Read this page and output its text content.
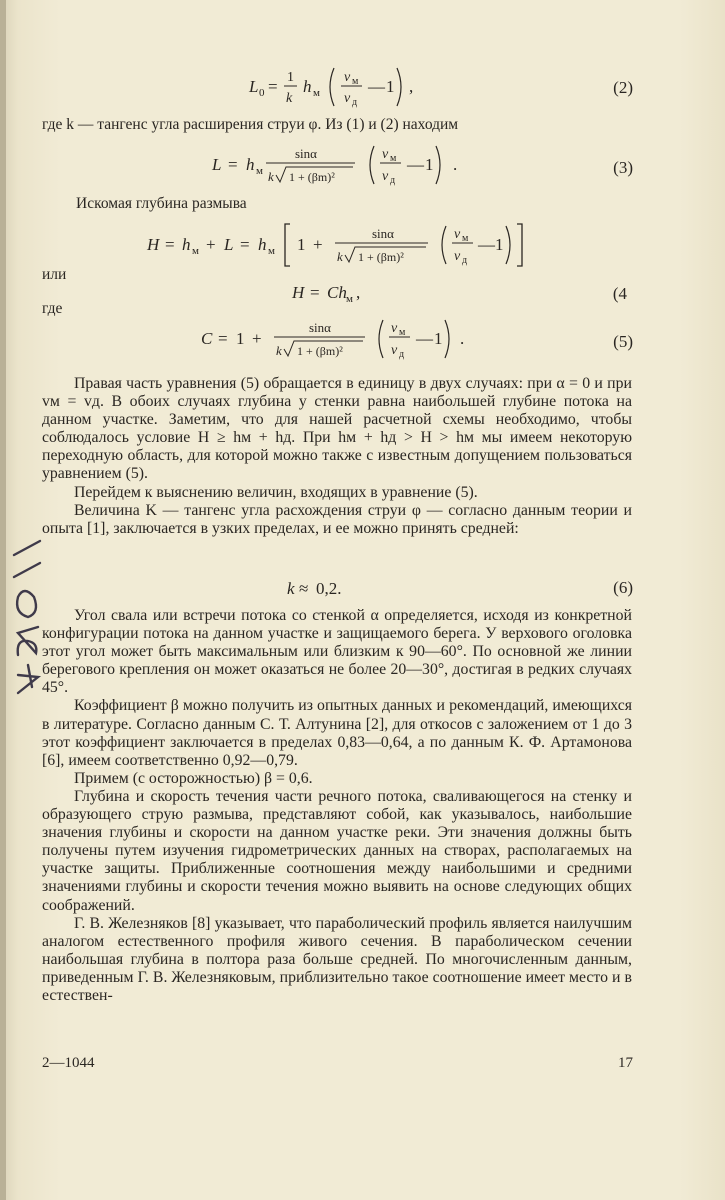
L 0 = 1
k
h м
v м
v д
— 1 ,	(2)
где k — тангенс угла расширения струи φ. Из (1) и (2) находим
L = h м
sinα
k 1 + (βm)²
v м
v д
— 1 .	(3)
Искомая глубина размыва
H = h м + L = h м 1 +
sinα
k 1 + (βm)²
v м
v д
— 1
или
H = Ch м ,	(4
где
C = 1 +
sinα
k 1 + (βm)²
v м
v д
— 1 .	(5)

Правая часть уравнения (5) обращается в единицу в двух случаях: при α = 0 и при vм = vд. В обоих случаях глубина у стенки равна наибольшей глубине потока на данном участке. Заметим, что для нашей расчетной схемы необходимо, чтобы соблюдалось условие H ≥ hм + hд. При hм + hд > H > hм мы имеем некоторую переходную область, для которой можно также с известным допущением пользоваться уравнением (5).

Перейдем к выяснению величин, входящих в уравнение (5).

Величина K — тангенс угла расхождения струи φ — согласно данным теории и опыта [1], заключается в узких пределах, и ее можно принять средней:

k ≈ 0,2.	(6)

Угол свала или встречи потока со стенкой α определяется, исходя из конкретной конфигурации потока на данном участке и защищаемого берега. У верхового оголовка этот угол может быть максимальным или близким к 90—60°. По основной же линии берегового крепления он может оказаться не более 20—30°, достигая в редких случаях 45°.

Коэффициент β можно получить из опытных данных и рекомендаций, имеющихся в литературе. Согласно данным С. Т. Алтунина [2], для откосов с заложением от 1 до 3 этот коэффициент заключается в пределах 0,83—0,64, а по данным К. Ф. Артамонова [6], имеем соответственно 0,92—0,79.

Примем (с осторожностью) β = 0,6.

Глубина и скорость течения части речного потока, сваливающегося на стенку и образующего струю размыва, представляют собой, как указывалось, наибольшие значения глубины и скорости на данном участке реки. Эти значения должны быть получены путем изучения гидрометрических данных на створах, располагаемых на участке защиты. Приближенные соотношения между наибольшими и средними значениями глубины и скорости течения можно выявить на основе следующих общих соображений.

Г. В. Железняков [8] указывает, что параболический профиль является наилучшим аналогом естественного профиля живого сечения. В параболическом сечении наибольшая глубина в полтора раза больше средней. По многочисленным данным, приведенным Г. В. Железняковым, приблизительно такое соотношение имеет место и в естествен-

2—1044	17
